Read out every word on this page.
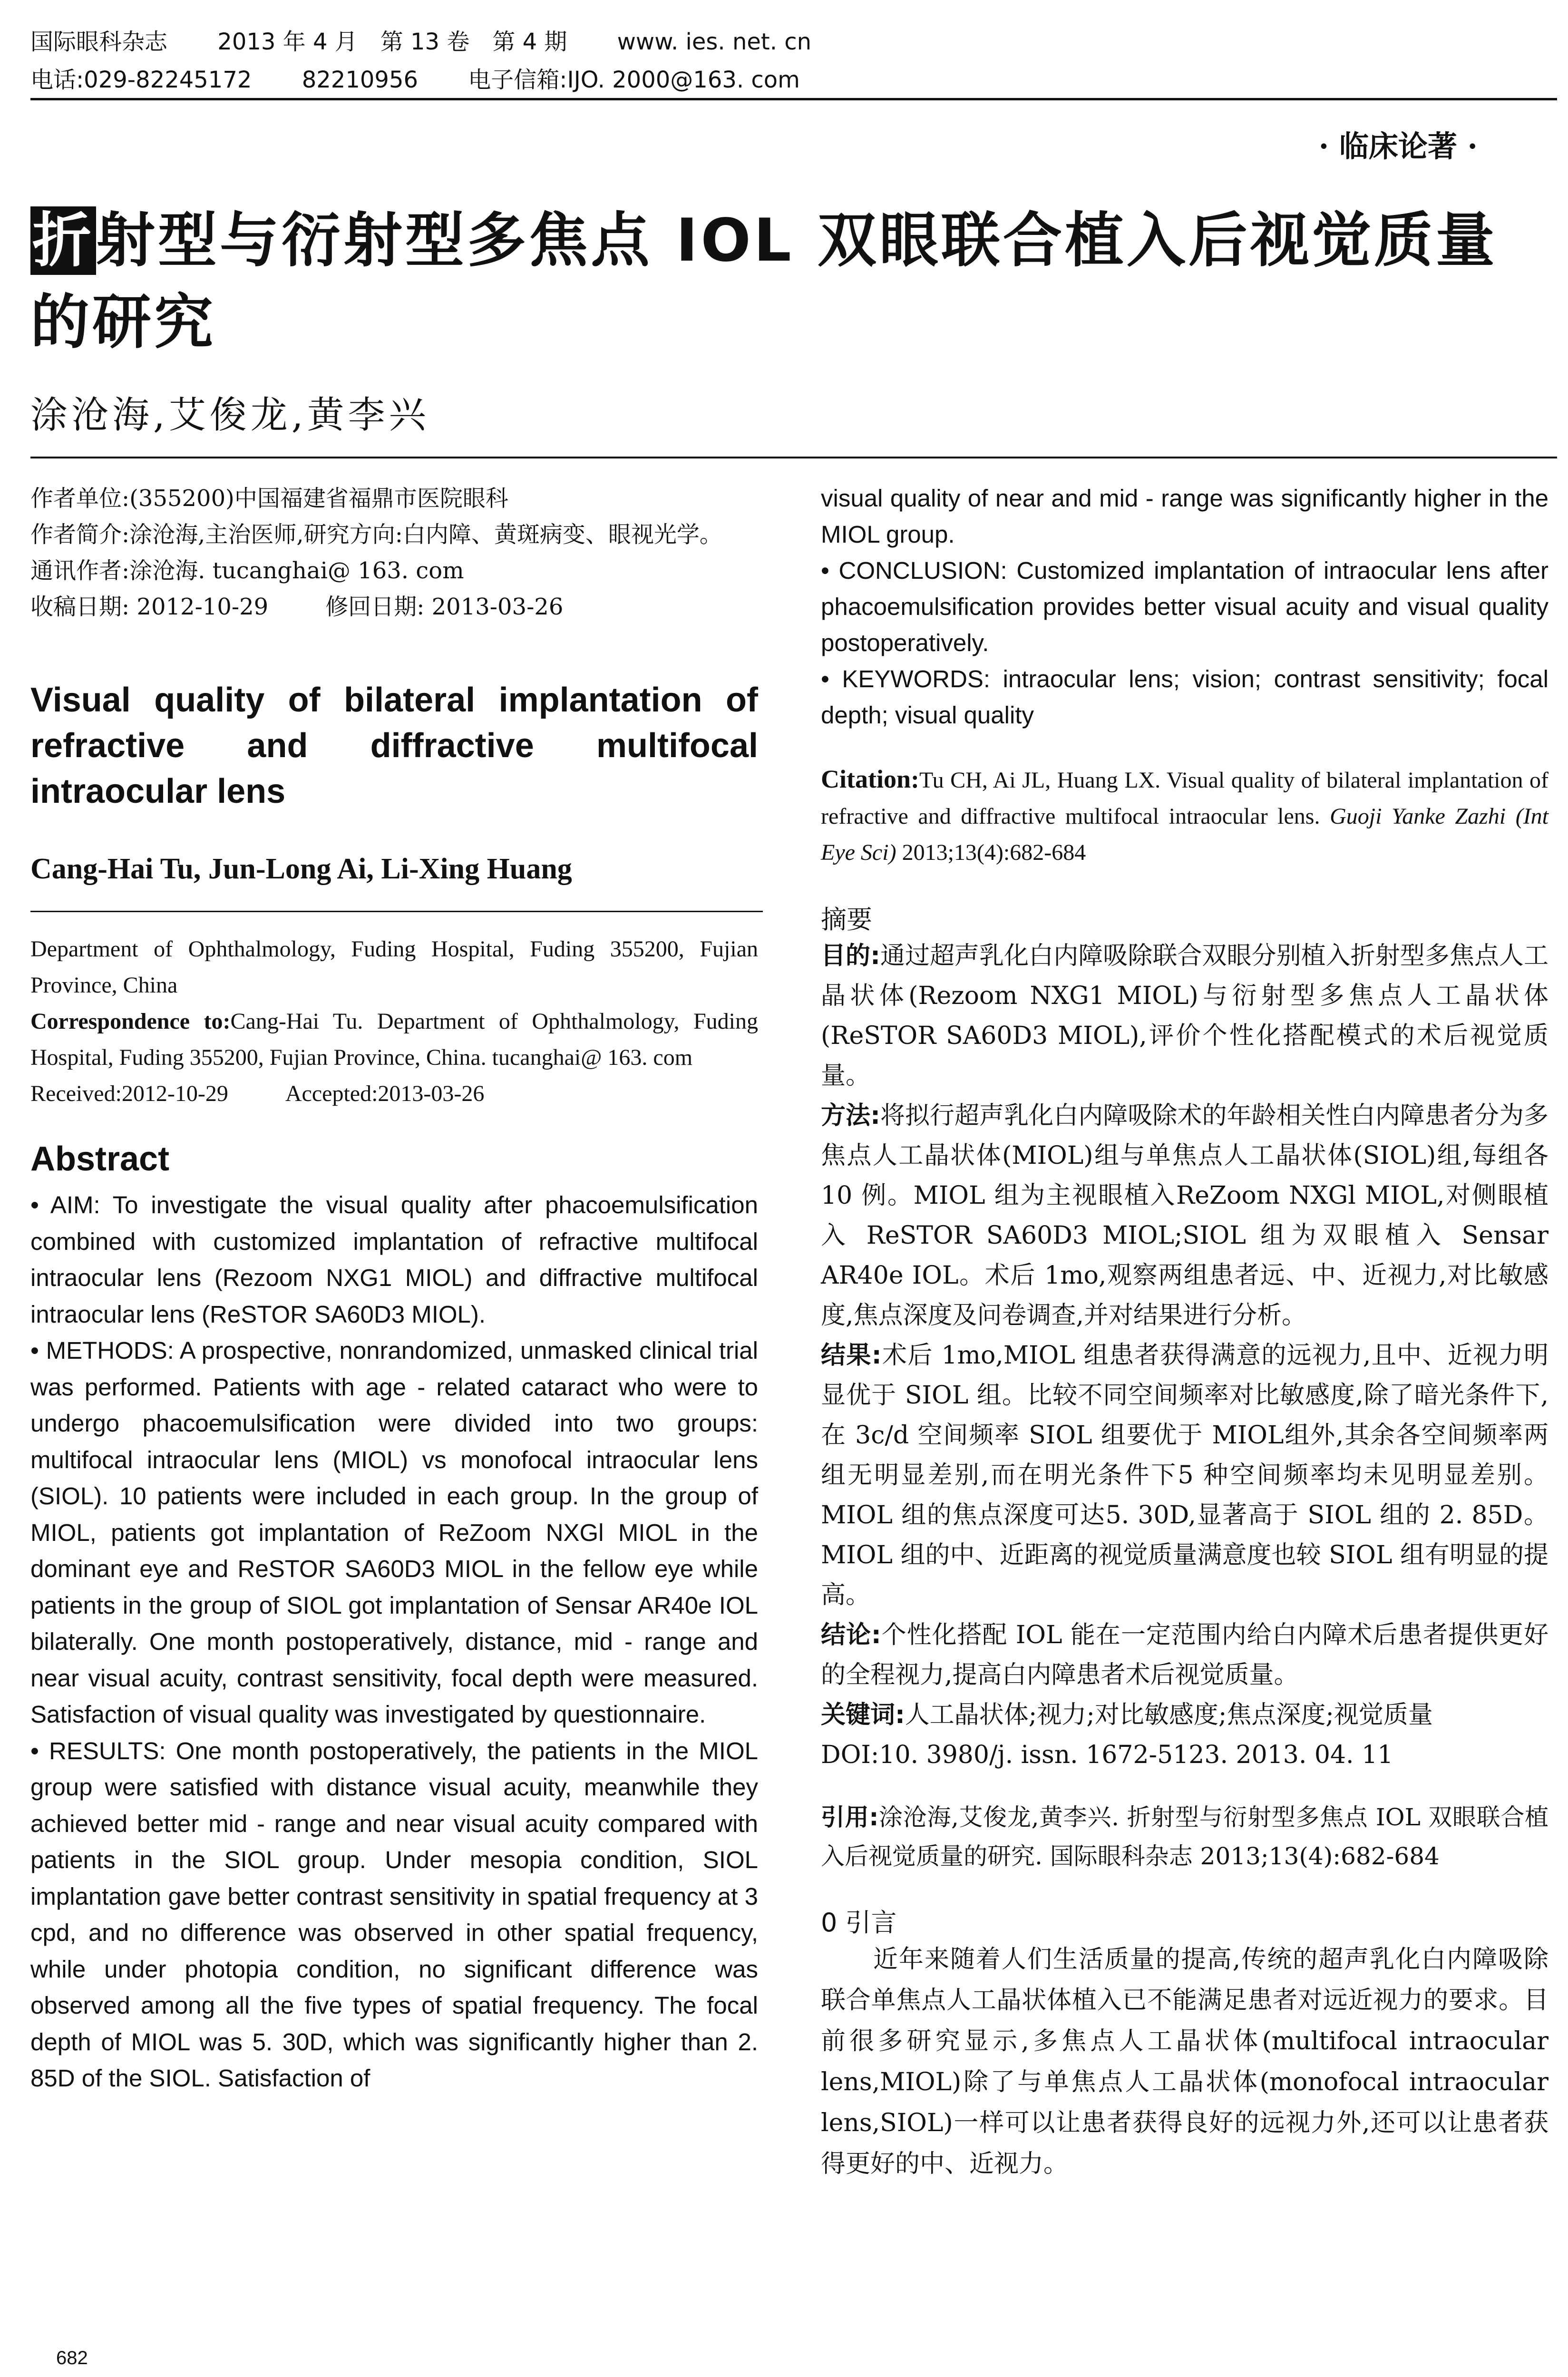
国际眼科杂志 2013 年 4 月　第 13 卷　第 4 期 www. ies. net. cn
电话:029-82245172 82210956 电子信箱:IJO. 2000@163. com
· 临床论著 ·
折射型与衍射型多焦点 IOL 双眼联合植入后视觉质量的研究
涂沧海,艾俊龙,黄李兴

作者单位:(355200)中国福建省福鼎市医院眼科

作者简介:涂沧海,主治医师,研究方向:白内障、黄斑病变、眼视光学。

通讯作者:涂沧海. tucanghai@ 163. com

收稿日期: 2012-10-29	修回日期: 2013-03-26

Visual quality of bilateral implantation of refractive and diffractive multifocal intraocular lens
Cang-Hai Tu, Jun-Long Ai, Li-Xing Huang

Department of Ophthalmology, Fuding Hospital, Fuding 355200, Fujian Province, China

Correspondence to:Cang-Hai Tu. Department of Ophthalmology, Fuding Hospital, Fuding 355200, Fujian Province, China. tucanghai@ 163. com

Received:2012-10-29	Accepted:2013-03-26

Abstract

• AIM: To investigate the visual quality after phacoemulsification combined with customized implantation of refractive multifocal intraocular lens (Rezoom NXG1 MIOL) and diffractive multifocal intraocular lens (ReSTOR SA60D3 MIOL).

• METHODS: A prospective, nonrandomized, unmasked clinical trial was performed. Patients with age - related cataract who were to undergo phacoemulsification were divided into two groups: multifocal intraocular lens (MIOL) vs monofocal intraocular lens (SIOL). 10 patients were included in each group. In the group of MIOL, patients got implantation of ReZoom NXGl MIOL in the dominant eye and ReSTOR SA60D3 MIOL in the fellow eye while patients in the group of SIOL got implantation of Sensar AR40e IOL bilaterally. One month postoperatively, distance, mid - range and near visual acuity, contrast sensitivity, focal depth were measured. Satisfaction of visual quality was investigated by questionnaire.

• RESULTS: One month postoperatively, the patients in the MIOL group were satisfied with distance visual acuity, meanwhile they achieved better mid - range and near visual acuity compared with patients in the SIOL group. Under mesopia condition, SIOL implantation gave better contrast sensitivity in spatial frequency at 3 cpd, and no difference was observed in other spatial frequency, while under photopia condition, no significant difference was observed among all the five types of spatial frequency. The focal depth of MIOL was 5. 30D, which was significantly higher than 2. 85D of the SIOL. Satisfaction of

visual quality of near and mid - range was significantly higher in the MIOL group.

• CONCLUSION: Customized implantation of intraocular lens after phacoemulsification provides better visual acuity and visual quality postoperatively.

• KEYWORDS: intraocular lens; vision; contrast sensitivity; focal depth; visual quality

Citation:Tu CH, Ai JL, Huang LX. Visual quality of bilateral implantation of refractive and diffractive multifocal intraocular lens. Guoji Yanke Zazhi (Int Eye Sci) 2013;13(4):682-684
摘要

目的:通过超声乳化白内障吸除联合双眼分别植入折射型多焦点人工晶状体(Rezoom NXG1 MIOL)与衍射型多焦点人工晶状体(ReSTOR SA60D3 MIOL),评价个性化搭配模式的术后视觉质量。

方法:将拟行超声乳化白内障吸除术的年龄相关性白内障患者分为多焦点人工晶状体(MIOL)组与单焦点人工晶状体(SIOL)组,每组各 10 例。MIOL 组为主视眼植入ReZoom NXGl MIOL,对侧眼植入 ReSTOR SA60D3 MIOL;SIOL 组为双眼植入 Sensar AR40e IOL。术后 1mo,观察两组患者远、中、近视力,对比敏感度,焦点深度及问卷调查,并对结果进行分析。

结果:术后 1mo,MIOL 组患者获得满意的远视力,且中、近视力明显优于 SIOL 组。比较不同空间频率对比敏感度,除了暗光条件下,在 3c/d 空间频率 SIOL 组要优于 MIOL组外,其余各空间频率两组无明显差别,而在明光条件下5 种空间频率均未见明显差别。MIOL 组的焦点深度可达5. 30D,显著高于 SIOL 组的 2. 85D。MIOL 组的中、近距离的视觉质量满意度也较 SIOL 组有明显的提高。

结论:个性化搭配 IOL 能在一定范围内给白内障术后患者提供更好的全程视力,提高白内障患者术后视觉质量。

关键词:人工晶状体;视力;对比敏感度;焦点深度;视觉质量

DOI:10. 3980/j. issn. 1672-5123. 2013. 04. 11

引用:涂沧海,艾俊龙,黄李兴. 折射型与衍射型多焦点 IOL 双眼联合植入后视觉质量的研究. 国际眼科杂志 2013;13(4):682-684
0 引言

近年来随着人们生活质量的提高,传统的超声乳化白内障吸除联合单焦点人工晶状体植入已不能满足患者对远近视力的要求。目前很多研究显示,多焦点人工晶状体(multifocal intraocular lens,MIOL)除了与单焦点人工晶状体(monofocal intraocular lens,SIOL)一样可以让患者获得良好的远视力外,还可以让患者获得更好的中、近视力。

682
